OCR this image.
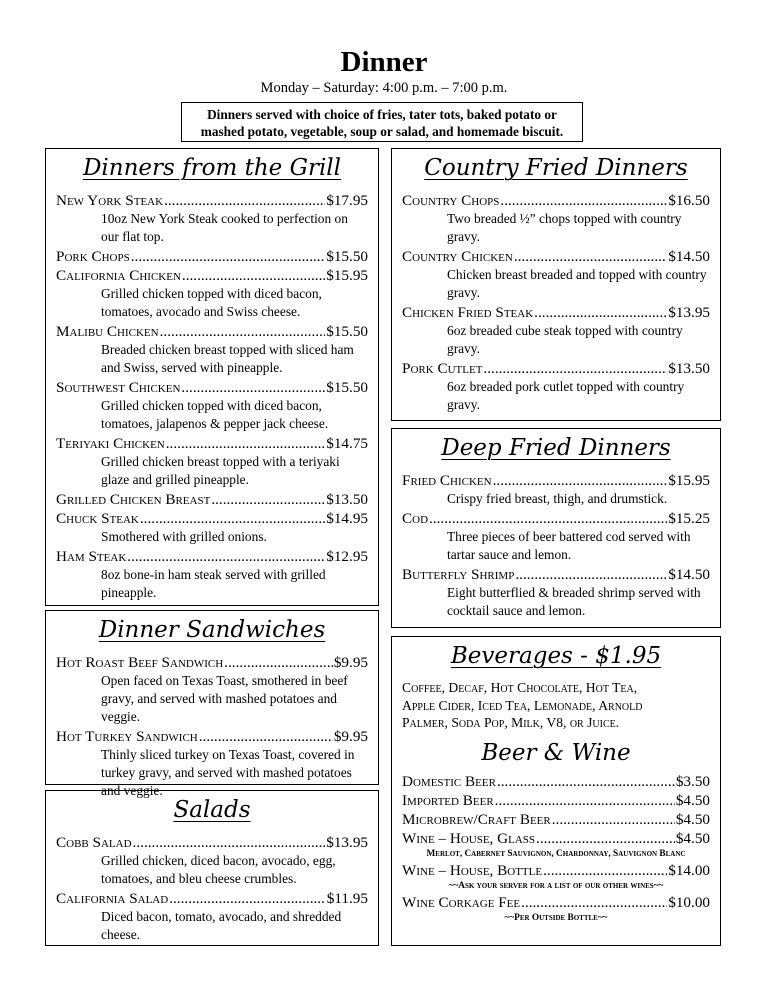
Dinner
Monday – Saturday: 4:00 p.m. – 7:00 p.m.
Dinners served with choice of fries, tater tots, baked potato or
mashed potato, vegetable, soup or salad, and homemade biscuit.
Dinners from the Grill
New York Steak .....	$17.95
10oz New York Steak cooked to perfection on our flat top.
Pork Chops .....	$15.50
California Chicken .....	$15.95
Grilled chicken topped with diced bacon, tomatoes, avocado and Swiss cheese.
Malibu Chicken .....	$15.50
Breaded chicken breast topped with sliced ham and Swiss, served with pineapple.
Southwest Chicken .....	$15.50
Grilled chicken topped with diced bacon, tomatoes, jalapenos & pepper jack cheese.
Teriyaki Chicken .....	$14.75
Grilled chicken breast topped with a teriyaki glaze and grilled pineapple.
Grilled Chicken Breast .....	$13.50
Chuck Steak .....	$14.95
Smothered with grilled onions.
Ham Steak .....	$12.95
8oz bone-in ham steak served with grilled pineapple.
Dinner Sandwiches
Hot Roast Beef Sandwich .....	$9.95
Open faced on Texas Toast, smothered in beef gravy, and served with mashed potatoes and veggie.
Hot Turkey Sandwich .....	$9.95
Thinly sliced turkey on Texas Toast, covered in turkey gravy, and served with mashed potatoes and veggie.
Salads
Cobb Salad .....	$13.95
Grilled chicken, diced bacon, avocado, egg, tomatoes, and bleu cheese crumbles.
California Salad .....	$11.95
Diced bacon, tomato, avocado, and shredded cheese.
Country Fried Dinners
Country Chops .....	$16.50
Two breaded ½” chops topped with country gravy.
Country Chicken .....	$14.50
Chicken breast breaded and topped with country gravy.
Chicken Fried Steak .....	$13.95
6oz breaded cube steak topped with country gravy.
Pork Cutlet .....	$13.50
6oz breaded pork cutlet topped with country gravy.
Deep Fried Dinners
Fried Chicken .....	$15.95
Crispy fried breast, thigh, and drumstick.
Cod .....	$15.25
Three pieces of beer battered cod served with tartar sauce and lemon.
Butterfly Shrimp .....	$14.50
Eight butterflied & breaded shrimp served with cocktail sauce and lemon.
Beverages - $1.95
Coffee, Decaf, Hot Chocolate, Hot Tea,
Apple Cider, Iced Tea, Lemonade, Arnold
Palmer, Soda Pop, Milk, V8, or Juice.
Beer & Wine
Domestic Beer .....	$3.50
Imported Beer .....	$4.50
Microbrew/Craft Beer .....	$4.50
Wine – House, Glass .....	$4.50
Merlot, Cabernet Sauvignon, Chardonnay, Sauvignon Blanc
Wine – House, Bottle .....	$14.00
~~Ask your server for a list of our other wines~~
Wine Corkage Fee .....	$10.00
~~Per Outside Bottle~~
